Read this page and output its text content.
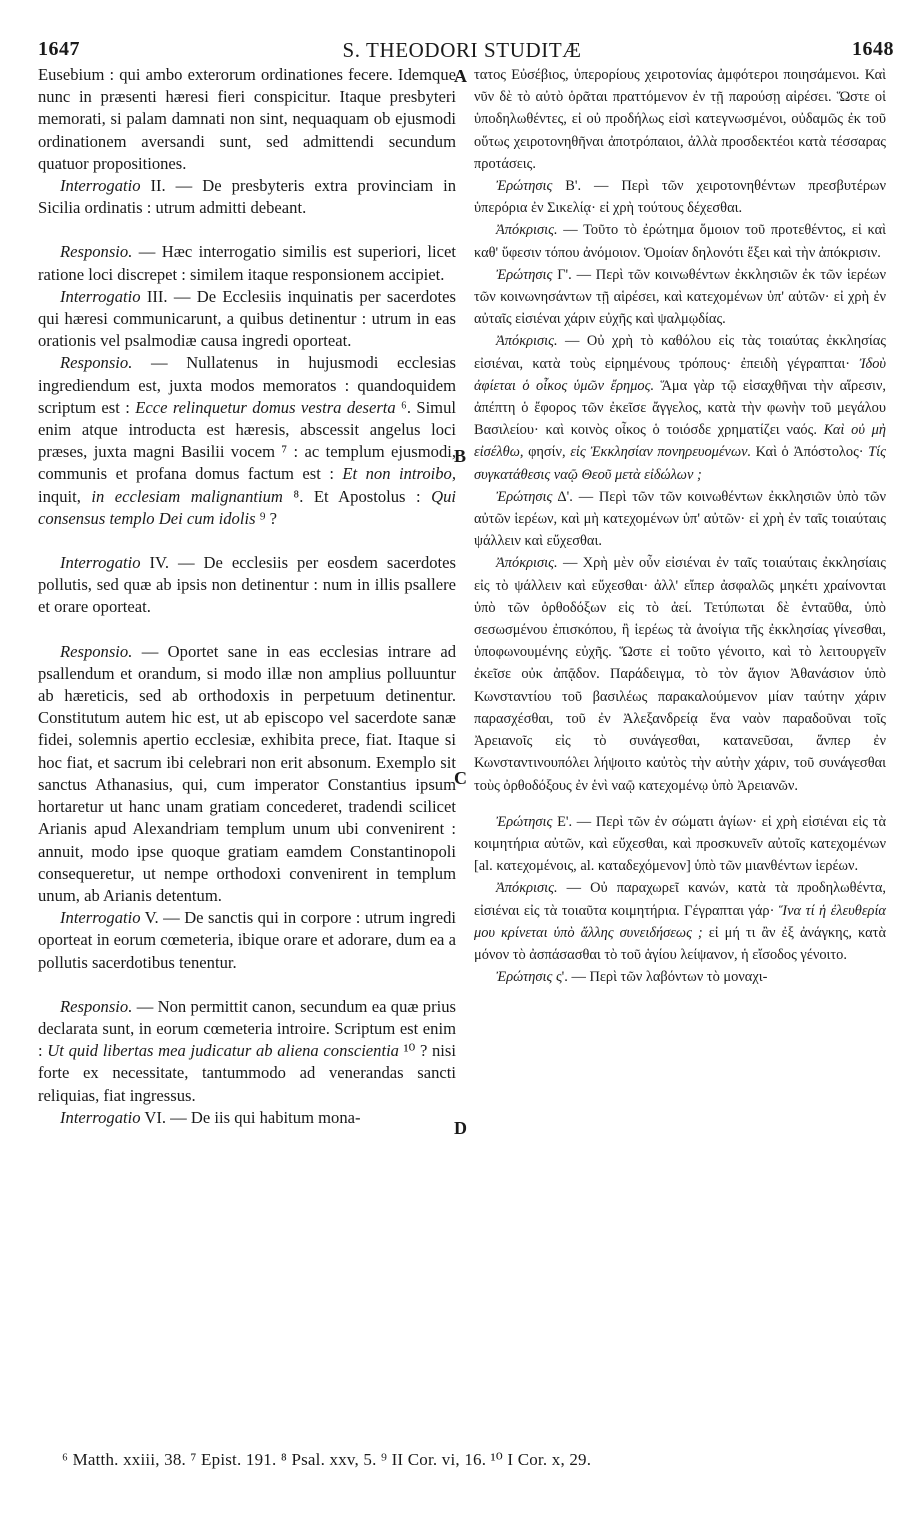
1647	S. THEODORI STUDITÆ	1648
A
B
C
D

Eusebium : qui ambo exterorum ordinationes fecere. Idemque nunc in præsenti hæresi fieri conspicitur. Itaque presbyteri memorati, si palam damnati non sint, nequaquam ob ejusmodi ordinationem aversandi sunt, sed admittendi secundum quatuor propositiones.

Interrogatio II. — De presbyteris extra provinciam in Sicilia ordinatis : utrum admitti debeant.

Responsio. — Hæc interrogatio similis est superiori, licet ratione loci discrepet : similem itaque responsionem accipiet.

Interrogatio III. — De Ecclesiis inquinatis per sacerdotes qui hæresi communicarunt, a quibus detinentur : utrum in eas orationis vel psalmodiæ causa ingredi oporteat.

Responsio. — Nullatenus in hujusmodi ecclesias ingrediendum est, juxta modos memoratos : quandoquidem scriptum est : Ecce relinquetur domus vestra deserta ⁶. Simul enim atque introducta est hæresis, abscessit angelus loci præses, juxta magni Basilii vocem ⁷ : ac templum ejusmodi, communis et profana domus factum est : Et non introibo, inquit, in ecclesiam malignantium ⁸. Et Apostolus : Qui consensus templo Dei cum idolis ⁹ ?

Interrogatio IV. — De ecclesiis per eosdem sacerdotes pollutis, sed quæ ab ipsis non detinentur : num in illis psallere et orare oporteat.

Responsio. — Oportet sane in eas ecclesias intrare ad psallendum et orandum, si modo illæ non amplius polluuntur ab hæreticis, sed ab orthodoxis in perpetuum detinentur. Constitutum autem hic est, ut ab episcopo vel sacerdote sanæ fidei, solemnis apertio ecclesiæ, exhibita prece, fiat. Itaque si hoc fiat, et sacrum ibi celebrari non erit absonum. Exemplo sit sanctus Athanasius, qui, cum imperator Constantius ipsum hortaretur ut hanc unam gratiam concederet, tradendi scilicet Arianis apud Alexandriam templum unum ubi convenirent : annuit, modo ipse quoque gratiam eamdem Constantinopoli consequeretur, ut nempe orthodoxi convenirent in templum unum, ab Arianis detentum.

Interrogatio V. — De sanctis qui in corpore : utrum ingredi oporteat in eorum cœmeteria, ibique orare et adorare, dum ea a pollutis sacerdotibus tenentur.

Responsio. — Non permittit canon, secundum ea quæ prius declarata sunt, in eorum cœmeteria introire. Scriptum est enim : Ut quid libertas mea judicatur ab aliena conscientia ¹⁰ ? nisi forte ex necessitate, tantummodo ad venerandas sancti reliquias, fiat ingressus.

Interrogatio VI. — De iis qui habitum mona-

τατος Εὐσέβιος, ὑπερορίους χειροτονίας ἀμφότεροι ποιησάμενοι. Καὶ νῦν δὲ τὸ αὐτὸ ὁρᾶται πραττόμενον ἐν τῇ παρούσῃ αἱρέσει. Ὥστε οἱ ὑποδηλωθέντες, εἰ οὐ προδήλως εἰσὶ κατεγνωσμένοι, οὐδαμῶς ἐκ τοῦ οὕτως χειροτονηθῆναι ἀποτρόπαιοι, ἀλλὰ προσδεκτέοι κατὰ τέσσαρας προτάσεις.

Ἐρώτησις Β'. — Περὶ τῶν χειροτονηθέντων πρεσβυτέρων ὑπερόρια ἐν Σικελίᾳ· εἰ χρὴ τούτους δέχεσθαι.

Ἀπόκρισις. — Τοῦτο τὸ ἐρώτημα ὅμοιον τοῦ προτεθέντος, εἰ καὶ καθ' ὕφεσιν τόπου ἀνόμοιον. Ὁμοίαν δηλονότι ἕξει καὶ τὴν ἀπόκρισιν.

Ἐρώτησις Γ'. — Περὶ τῶν κοινωθέντων ἐκκλησιῶν ἐκ τῶν ἱερέων τῶν κοινωνησάντων τῇ αἱρέσει, καὶ κατεχομένων ὑπ' αὐτῶν· εἰ χρὴ ἐν αὐταῖς εἰσιέναι χάριν εὐχῆς καὶ ψαλμῳδίας.

Ἀπόκρισις. — Οὐ χρὴ τὸ καθόλου εἰς τὰς τοιαύτας ἐκκλησίας εἰσιέναι, κατὰ τοὺς εἰρημένους τρόπους· ἐπειδὴ γέγραπται· Ἰδοὺ ἀφίεται ὁ οἶκος ὑμῶν ἔρημος. Ἅμα γὰρ τῷ εἰσαχθῆναι τὴν αἵρεσιν, ἀπέπτη ὁ ἔφορος τῶν ἐκεῖσε ἄγγελος, κατὰ τὴν φωνὴν τοῦ μεγάλου Βασιλείου· καὶ κοινὸς οἶκος ὁ τοιόσδε χρηματίζει ναός. Καὶ οὐ μὴ εἰσέλθω, φησίν, εἰς Ἐκκλησίαν πονηρευομένων. Καὶ ὁ Ἀπόστολος· Τίς συγκατάθεσις ναῷ Θεοῦ μετὰ εἰδώλων ;

Ἐρώτησις Δ'. — Περὶ τῶν τῶν κοινωθέντων ἐκκλησιῶν ὑπὸ τῶν αὐτῶν ἱερέων, καὶ μὴ κατεχομένων ὑπ' αὐτῶν· εἰ χρὴ ἐν ταῖς τοιαύταις ψάλλειν καὶ εὔχεσθαι.

Ἀπόκρισις. — Χρὴ μὲν οὖν εἰσιέναι ἐν ταῖς τοιαύταις ἐκκλησίαις εἰς τὸ ψάλλειν καὶ εὔχεσθαι· ἀλλ' εἴπερ ἀσφαλῶς μηκέτι χραίνονται ὑπὸ τῶν ὀρθοδόξων εἰς τὸ ἀεί. Τετύπωται δὲ ἐνταῦθα, ὑπὸ σεσωσμένου ἐπισκόπου, ἢ ἱερέως τὰ ἀνοίγια τῆς ἐκκλησίας γίνεσθαι, ὑποφωνουμένης εὐχῆς. Ὥστε εἰ τοῦτο γένοιτο, καὶ τὸ λειτουργεῖν ἐκεῖσε οὐκ ἀπᾷδον. Παράδειγμα, τὸ τὸν ἅγιον Ἀθανάσιον ὑπὸ Κωνσταντίου τοῦ βασιλέως παρακαλούμενον μίαν ταύτην χάριν παρασχέσθαι, τοῦ ἐν Ἀλεξανδρείᾳ ἕνα ναὸν παραδοῦναι τοῖς Ἀρειανοῖς εἰς τὸ συνάγεσθαι, κατανεῦσαι, ἅνπερ ἐν Κωνσταντινουπόλει λήψοιτο καὐτὸς τὴν αὐτὴν χάριν, τοῦ συνάγεσθαι τοὺς ὀρθοδόξους ἐν ἑνὶ ναῷ κατεχομένῳ ὑπὸ Ἀρειανῶν.

Ἐρώτησις Ε'. — Περὶ τῶν ἐν σώματι ἁγίων· εἰ χρὴ εἰσιέναι εἰς τὰ κοιμητήρια αὐτῶν, καὶ εὔχεσθαι, καὶ προσκυνεῖν αὐτοῖς κατεχομένων [al. κατεχομένοις, al. καταδεχόμενον] ὑπὸ τῶν μιανθέντων ἱερέων.

Ἀπόκρισις. — Οὐ παραχωρεῖ κανών, κατὰ τὰ προδηλωθέντα, εἰσιέναι εἰς τὰ τοιαῦτα κοιμητήρια. Γέγραπται γάρ· Ἵνα τί ἡ ἐλευθερία μου κρίνεται ὑπὸ ἄλλης συνειδήσεως ; εἰ μή τι ἂν ἐξ ἀνάγκης, κατὰ μόνον τὸ ἀσπάσασθαι τὸ τοῦ ἁγίου λείψανον, ἡ εἴσοδος γένοιτο.

Ἐρώτησις ς'. — Περὶ τῶν λαβόντων τὸ μοναχι-

⁶ Matth. xxiii, 38. ⁷ Epist. 191. ⁸ Psal. xxv, 5. ⁹ II Cor. vi, 16. ¹⁰ I Cor. x, 29.
